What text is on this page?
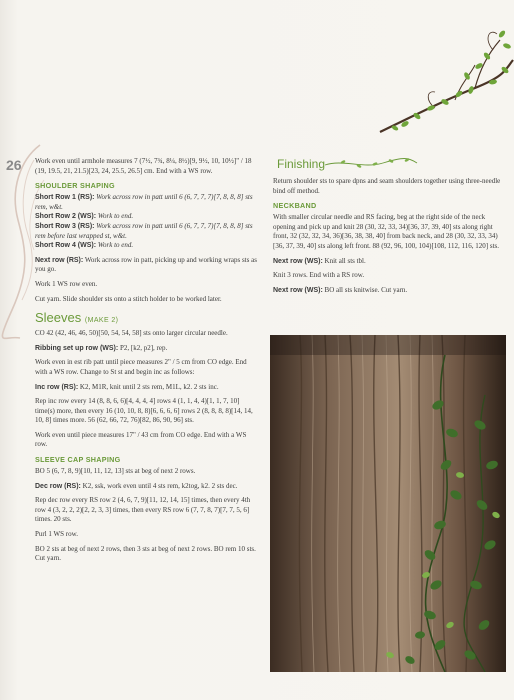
26 Work even until armhole measures 7 (7½, 7¾, 8¼, 8½)[9, 9½, 10, 10½]" / 18 (19, 19.5, 21, 21.5)[23, 24, 25.5, 26.5] cm. End with a WS row.

SHOULDER SHAPING
Short Row 1 (RS): Work across row in patt until 6 (6, 7, 7, 7)[7, 8, 8, 8] sts rem, w&t.
Short Row 2 (WS): Work to end.
Short Row 3 (RS): Work across row in patt until 6 (6, 7, 7, 7)[7, 8, 8, 8] sts rem before last wrapped st, w&t.
Short Row 4 (WS): Work to end.

Next row (RS): Work across row in patt, picking up and working wraps sts as you go.

Work 1 WS row even.

Cut yarn. Slide shoulder sts onto a stitch holder to be worked later.

Sleeves (MAKE 2)

CO 42 (42, 46, 46, 50)[50, 54, 54, 58] sts onto larger circular needle.

Ribbing set up row (WS): P2, [k2, p2], rep.

Work even in est rib patt until piece measures 2" / 5 cm from CO edge. End with a WS row. Change to St st and begin inc as follows:

Inc row (RS): K2, M1R, knit until 2 sts rem, M1L, k2. 2 sts inc.

Rep inc row every 14 (8, 8, 6, 6)[4, 4, 4, 4] rows 4 (1, 1, 4, 4)[1, 1, 7, 10] time(s) more, then every 16 (10, 10, 8, 8)[6, 6, 6, 6] rows 2 (8, 8, 8, 8)[14, 14, 10, 8] times more. 56 (62, 66, 72, 76)[82, 86, 90, 96] sts.

Work even until piece measures 17" / 43 cm from CO edge. End with a WS row.

SLEEVE CAP SHAPING

BO 5 (6, 7, 8, 9)[10, 11, 12, 13] sts at beg of next 2 rows.

Dec row (RS): K2, ssk, work even until 4 sts rem, k2tog, k2. 2 sts dec.

Rep dec row every RS row 2 (4, 6, 7, 9)[11, 12, 14, 15] times, then every 4th row 4 (3, 2, 2, 2)[2, 2, 3, 3] times, then every RS row 6 (7, 7, 8, 7)[7, 7, 5, 6] times. 20 sts.

Purl 1 WS row.

BO 2 sts at beg of next 2 rows, then 3 sts at beg of next 2 rows. BO rem 10 sts. Cut yarn.

Finishing

Return shoulder sts to spare dpns and seam shoulders together using three-needle bind off method.

NECKBAND

With smaller circular needle and RS facing, beg at the right side of the neck opening and pick up and knit 28 (30, 32, 33, 34)[36, 37, 39, 40] sts along right front, 32 (32, 32, 34, 36)[36, 38, 38, 40] from back neck, and 28 (30, 32, 33, 34)[36, 37, 39, 40] sts along left front. 88 (92, 96, 100, 104)[108, 112, 116, 120] sts.

Next row (WS): Knit all sts tbl.

Knit 3 rows. End with a RS row.

Next row (WS): BO all sts knitwise. Cut yarn.
